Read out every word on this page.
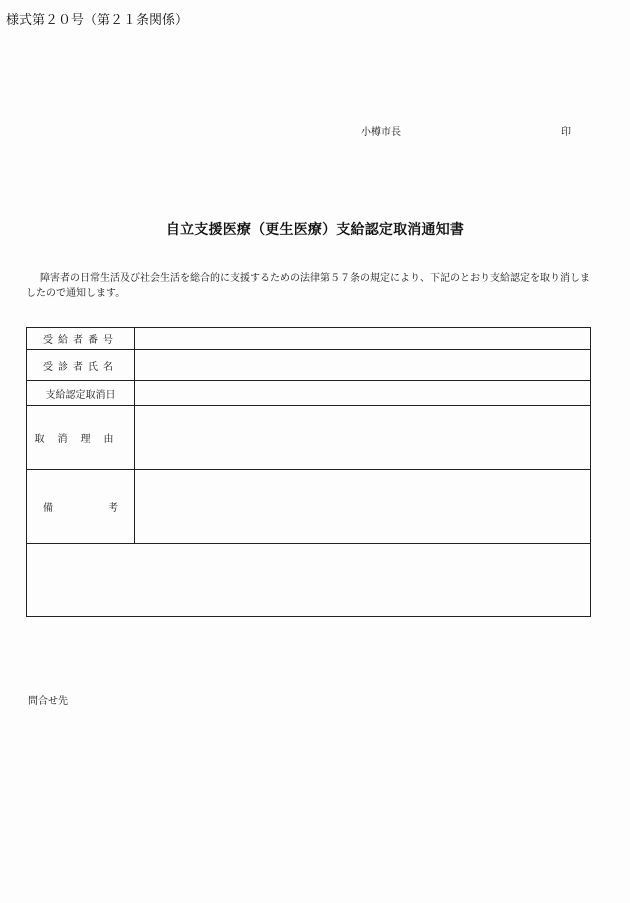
様式第２０号（第２１条関係）
小樽市長	印
自立支援医療（更生医療）支給認定取消通知書
障害者の日常生活及び社会生活を総合的に支援するための法律第５７条の規定により、下記のとおり支給認定を取り消しましたので通知します。
受給者番号	
受診者氏名	
支給認定取消日	
取消理由	

備 考	

問合せ先
